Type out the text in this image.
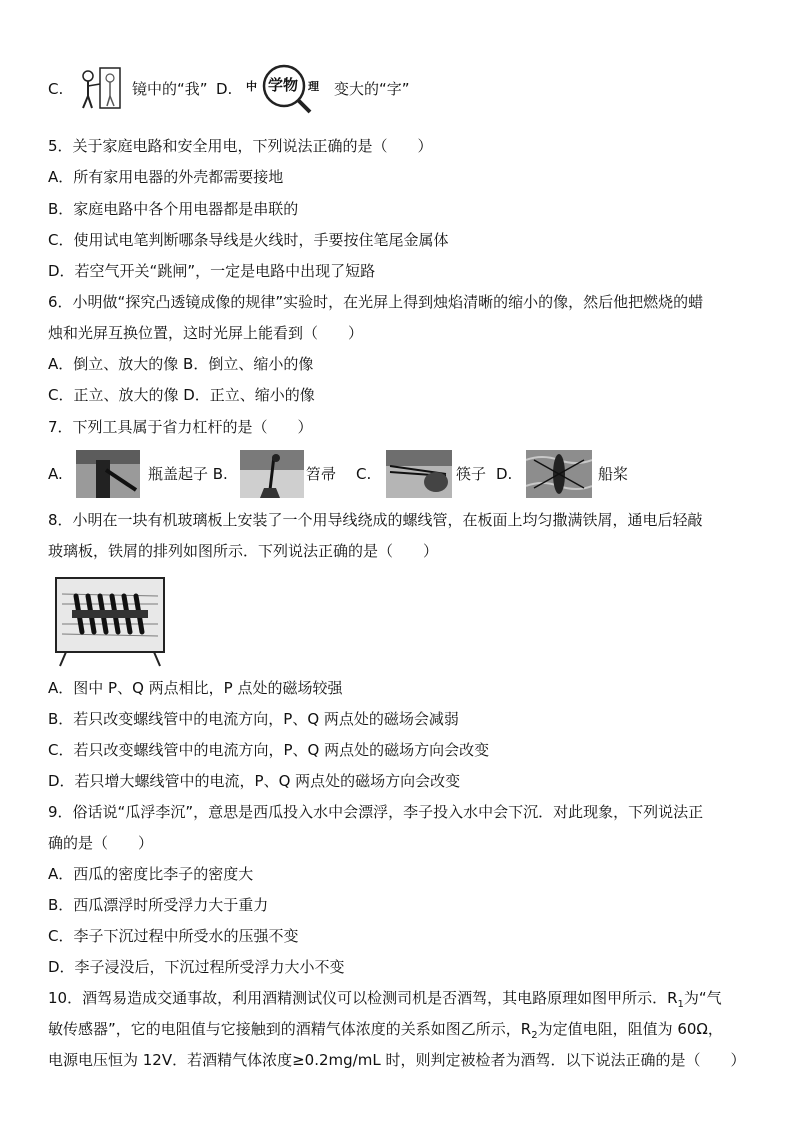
C.	镜中的“我” D. 中 学物 理 变大的“字”
5．关于家庭电路和安全用电，下列说法正确的是（　　）
A．所有家用电器的外壳都需要接地
B．家庭电路中各个用电器都是串联的
C．使用试电笔判断哪条导线是火线时，手要按住笔尾金属体
D．若空气开关“跳闸”，一定是电路中出现了短路
6．小明做“探究凸透镜成像的规律”实验时，在光屏上得到烛焰清晰的缩小的像，然后他把燃烧的蜡
烛和光屏互换位置，这时光屏上能看到（　　）
A．倒立、放大的像 B．倒立、缩小的像
C．正立、放大的像 D．正立、缩小的像
7．下列工具属于省力杠杆的是（　　）
A.	瓶盖起子 B.	笤帚 C.	筷子 D.	船桨
8．小明在一块有机玻璃板上安装了一个用导线绕成的螺线管，在板面上均匀撒满铁屑，通电后轻敲
玻璃板，铁屑的排列如图所示．下列说法正确的是（　　）
A．图中 P、Q 两点相比，P 点处的磁场较强
B．若只改变螺线管中的电流方向，P、Q 两点处的磁场会减弱
C．若只改变螺线管中的电流方向，P、Q 两点处的磁场方向会改变
D．若只增大螺线管中的电流，P、Q 两点处的磁场方向会改变
9．俗话说“瓜浮李沉”，意思是西瓜投入水中会漂浮，李子投入水中会下沉．对此现象，下列说法正
确的是（　　）
A．西瓜的密度比李子的密度大
B．西瓜漂浮时所受浮力大于重力
C．李子下沉过程中所受水的压强不变
D．李子浸没后，下沉过程所受浮力大小不变
10．酒驾易造成交通事故，利用酒精测试仪可以检测司机是否酒驾，其电路原理如图甲所示．$R_1$为“气
敏传感器”，它的电阻值与它接触到的酒精气体浓度的关系如图乙所示，$R_2$为定值电阻，阻值为 60Ω，
电源电压恒为 12V．若酒精气体浓度≥0.2mg/mL 时，则判定被检者为酒驾．以下说法正确的是（　　）
